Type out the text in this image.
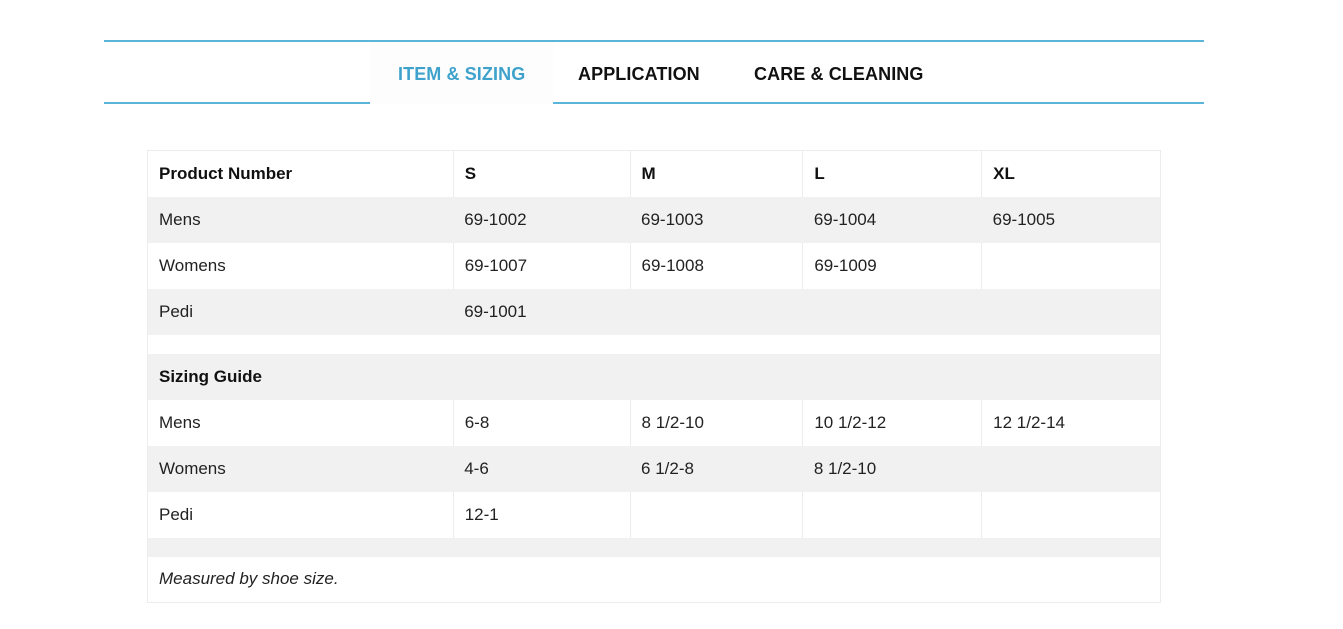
ITEM & SIZING	APPLICATION	CARE & CLEANING
Product Number	S	M	L	XL
Mens	69-1002	69-1003	69-1004	69-1005
Womens	69-1007	69-1008	69-1009	
Pedi	69-1001			

Sizing Guide				
Mens	6-8	8 1/2-10	10 1/2-12	12 1/2-14
Womens	4-6	6 1/2-8	8 1/2-10	
Pedi	12-1			

Measured by shoe size.				
